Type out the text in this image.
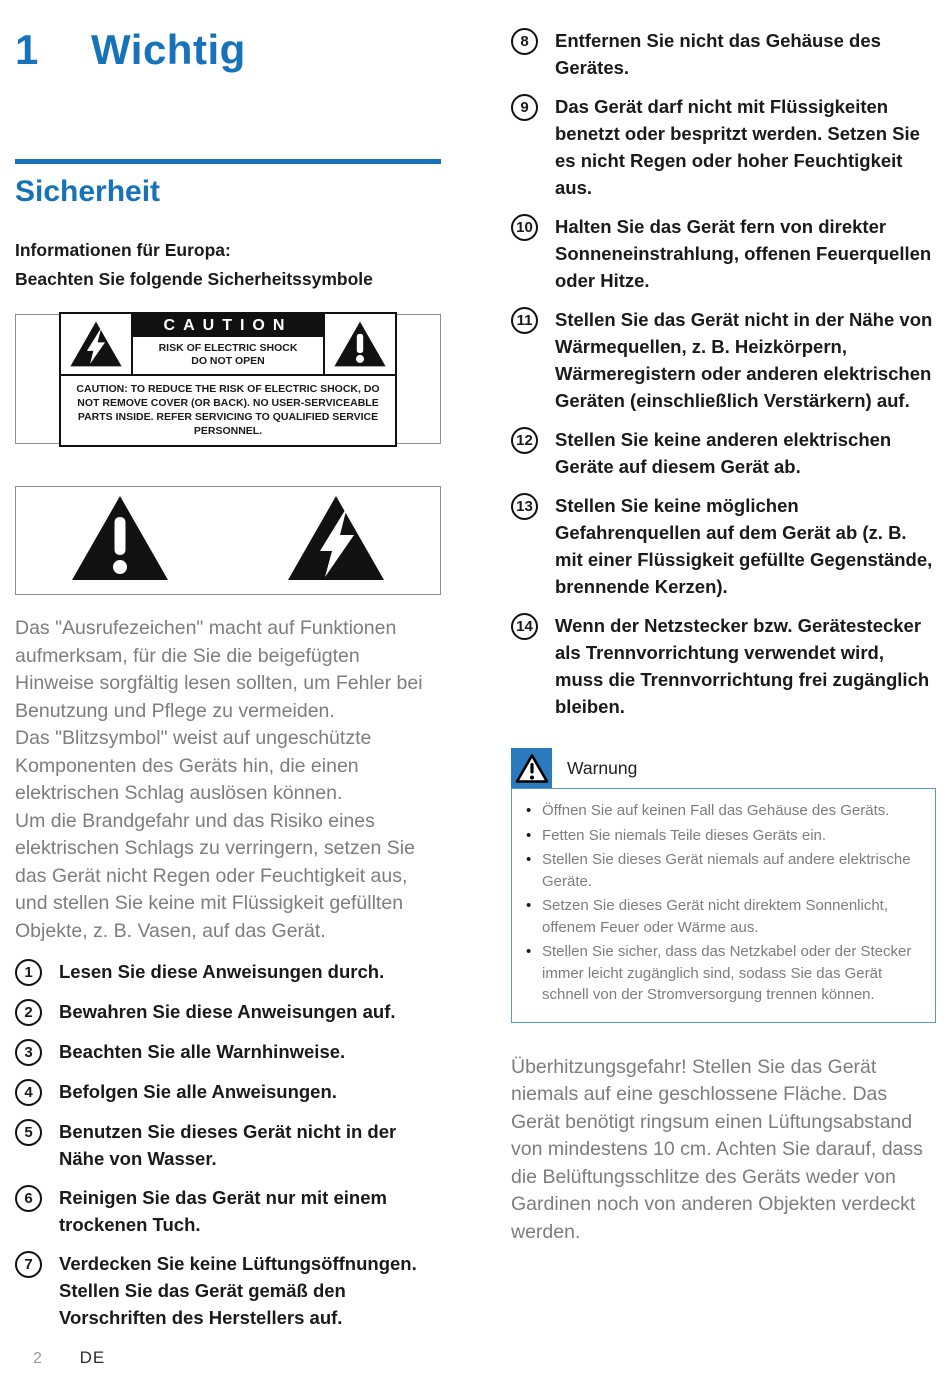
1 Wichtig
Sicherheit
Informationen für Europa:
Beachten Sie folgende Sicherheitssymbole
CAUTION
RISK OF ELECTRIC SHOCK
DO NOT OPEN
CAUTION: TO REDUCE THE RISK OF ELECTRIC SHOCK, DO NOT REMOVE COVER (OR BACK). NO USER-SERVICEABLE PARTS INSIDE. REFER SERVICING TO QUALIFIED SERVICE PERSONNEL.
Das "Ausrufezeichen" macht auf Funktionen aufmerksam, für die Sie die beigefügten Hinweise sorgfältig lesen sollten, um Fehler bei Benutzung und Pflege zu vermeiden.
Das "Blitzsymbol" weist auf ungeschützte Komponenten des Geräts hin, die einen elektrischen Schlag auslösen können.
Um die Brandgefahr und das Risiko eines elektrischen Schlags zu verringern, setzen Sie das Gerät nicht Regen oder Feuchtigkeit aus, und stellen Sie keine mit Flüssigkeit gefüllten Objekte, z. B. Vasen, auf das Gerät.
1	Lesen Sie diese Anweisungen durch.
2	Bewahren Sie diese Anweisungen auf.
3	Beachten Sie alle Warnhinweise.
4	Befolgen Sie alle Anweisungen.
5	Benutzen Sie dieses Gerät nicht in der Nähe von Wasser.
6	Reinigen Sie das Gerät nur mit einem trockenen Tuch.
7	Verdecken Sie keine Lüftungsöffnungen. Stellen Sie das Gerät gemäß den Vorschriften des Herstellers auf.
8	Entfernen Sie nicht das Gehäuse des Gerätes.
9	Das Gerät darf nicht mit Flüssigkeiten benetzt oder bespritzt werden. Setzen Sie es nicht Regen oder hoher Feuchtigkeit aus.
10 Halten Sie das Gerät fern von direkter Sonneneinstrahlung, offenen Feuerquellen oder Hitze.
11	Stellen Sie das Gerät nicht in der Nähe von Wärmequellen, z. B. Heizkörpern, Wärmeregistern oder anderen elektrischen Geräten (einschließlich Verstärkern) auf.
12 Stellen Sie keine anderen elektrischen Geräte auf diesem Gerät ab.
13 Stellen Sie keine möglichen Gefahrenquellen auf dem Gerät ab (z. B. mit einer Flüssigkeit gefüllte Gegenstände, brennende Kerzen).
14 Wenn der Netzstecker bzw. Gerätestecker als Trennvorrichtung verwendet wird, muss die Trennvorrichtung frei zugänglich bleiben.
Warnung
• Öffnen Sie auf keinen Fall das Gehäuse des Geräts.
• Fetten Sie niemals Teile dieses Geräts ein.
• Stellen Sie dieses Gerät niemals auf andere elektrische Geräte.
• Setzen Sie dieses Gerät nicht direktem Sonnenlicht, offenem Feuer oder Wärme aus.
• Stellen Sie sicher, dass das Netzkabel oder der Stecker immer leicht zugänglich sind, sodass Sie das Gerät schnell von der Stromversorgung trennen können.
Überhitzungsgefahr! Stellen Sie das Gerät niemals auf eine geschlossene Fläche. Das Gerät benötigt ringsum einen Lüftungsabstand von mindestens 10 cm. Achten Sie darauf, dass die Belüftungsschlitze des Geräts weder von Gardinen noch von anderen Objekten verdeckt werden.
2 DE
